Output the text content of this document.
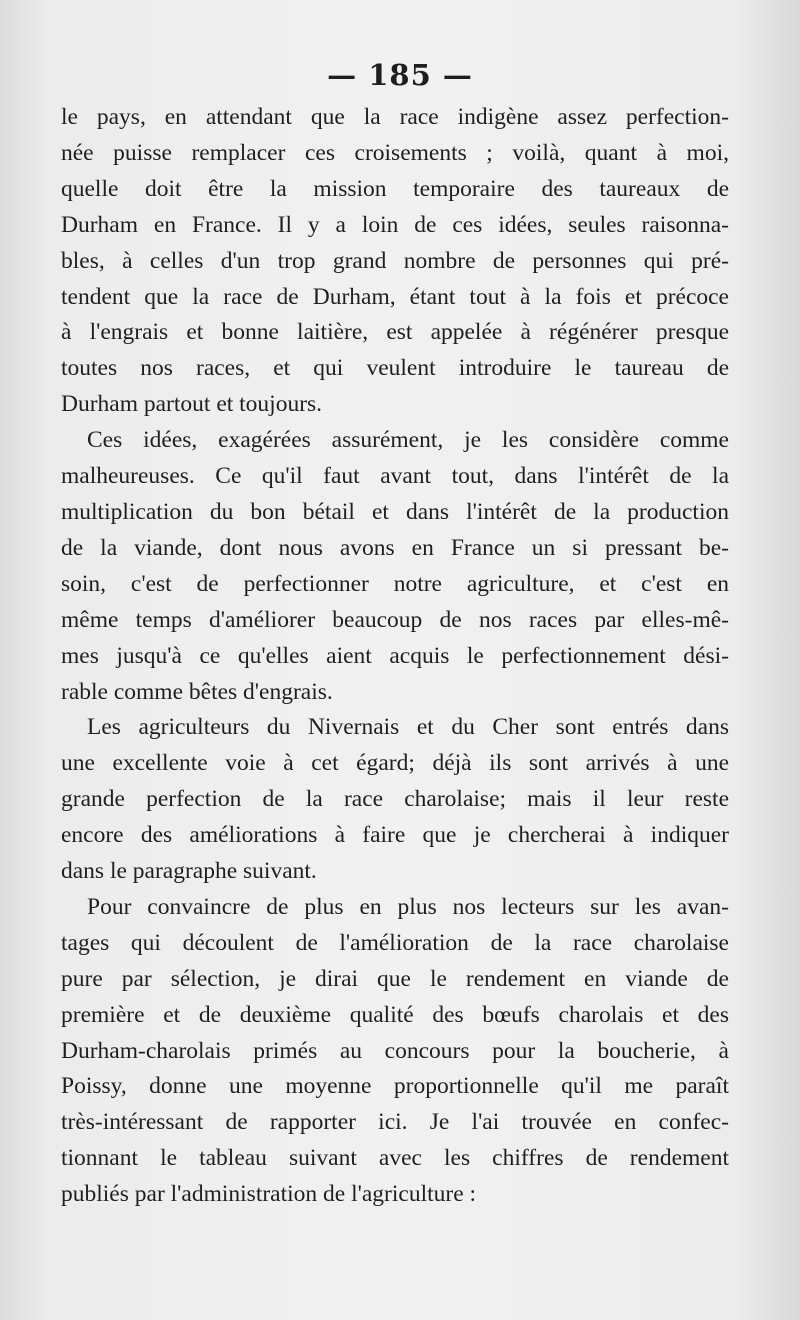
— 185 —
le pays, en attendant que la race indigène assez perfection-
née puisse remplacer ces croisements ; voilà, quant à moi,
quelle doit être la mission temporaire des taureaux de
Durham en France. Il y a loin de ces idées, seules raisonna-
bles, à celles d'un trop grand nombre de personnes qui pré-
tendent que la race de Durham, étant tout à la fois et précoce
à l'engrais et bonne laitière, est appelée à régénérer presque
toutes nos races, et qui veulent introduire le taureau de
Durham partout et toujours.
Ces idées, exagérées assurément, je les considère comme
malheureuses. Ce qu'il faut avant tout, dans l'intérêt de la
multiplication du bon bétail et dans l'intérêt de la production
de la viande, dont nous avons en France un si pressant be-
soin, c'est de perfectionner notre agriculture, et c'est en
même temps d'améliorer beaucoup de nos races par elles-mê-
mes jusqu'à ce qu'elles aient acquis le perfectionnement dési-
rable comme bêtes d'engrais.
Les agriculteurs du Nivernais et du Cher sont entrés dans
une excellente voie à cet égard; déjà ils sont arrivés à une
grande perfection de la race charolaise; mais il leur reste
encore des améliorations à faire que je chercherai à indiquer
dans le paragraphe suivant.
Pour convaincre de plus en plus nos lecteurs sur les avan-
tages qui découlent de l'amélioration de la race charolaise
pure par sélection, je dirai que le rendement en viande de
première et de deuxième qualité des bœufs charolais et des
Durham-charolais primés au concours pour la boucherie, à
Poissy, donne une moyenne proportionnelle qu'il me paraît
très-intéressant de rapporter ici. Je l'ai trouvée en confec-
tionnant le tableau suivant avec les chiffres de rendement
publiés par l'administration de l'agriculture :
